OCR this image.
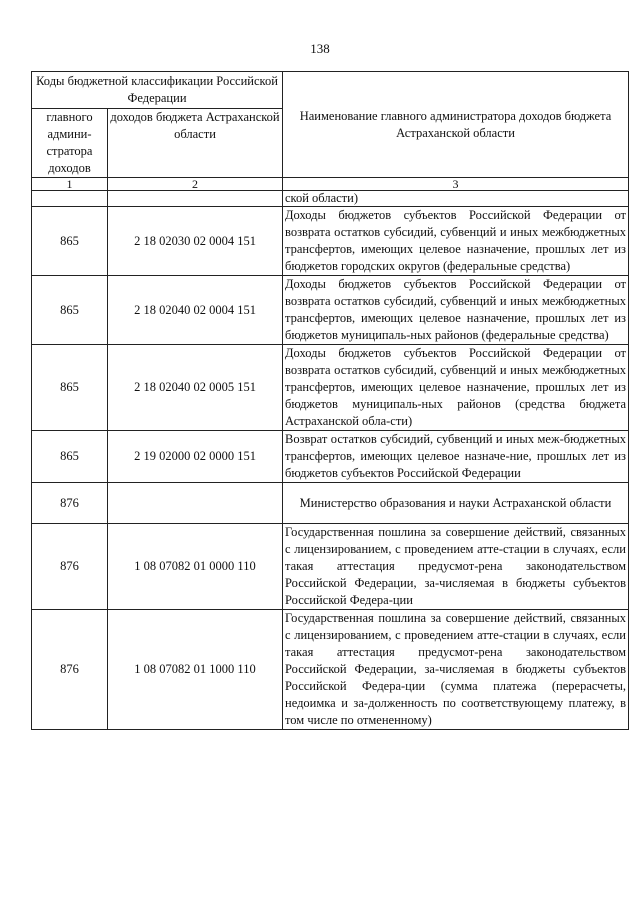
138
Коды бюджетной классификации Российской Федерации		Наименование главного администратора доходов бюджета Астраханской области
главного админи-стратора доходов	доходов бюджета Астраханской области	
1	2	3
		ской области)
865	2 18 02030 02 0004 151	Доходы бюджетов субъектов Российской Федерации от возврата остатков субсидий, субвенций и иных межбюджетных трансфертов, имеющих целевое назначение, прошлых лет из бюджетов городских округов (федеральные средства)
865	2 18 02040 02 0004 151	Доходы бюджетов субъектов Российской Федерации от возврата остатков субсидий, субвенций и иных межбюджетных трансфертов, имеющих целевое назначение, прошлых лет из бюджетов муниципаль-ных районов (федеральные средства)
865	2 18 02040 02 0005 151	Доходы бюджетов субъектов Российской Федерации от возврата остатков субсидий, субвенций и иных межбюджетных трансфертов, имеющих целевое назначение, прошлых лет из бюджетов муниципаль-ных районов (средства бюджета Астраханской обла-сти)
865	2 19 02000 02 0000 151	Возврат остатков субсидий, субвенций и иных меж-бюджетных трансфертов, имеющих целевое назначе-ние, прошлых лет из бюджетов субъектов Российской Федерации
876		Министерство образования и науки Астраханской области
876	1 08 07082 01 0000 110	Государственная пошлина за совершение действий, связанных с лицензированием, с проведением атте-стации в случаях, если такая аттестация предусмот-рена законодательством Российской Федерации, за-числяемая в бюджеты субъектов Российской Федера-ции
876	1 08 07082 01 1000 110	Государственная пошлина за совершение действий, связанных с лицензированием, с проведением атте-стации в случаях, если такая аттестация предусмот-рена законодательством Российской Федерации, за-числяемая в бюджеты субъектов Российской Федера-ции (сумма платежа (перерасчеты, недоимка и за-долженность по соответствующему платежу, в том числе по отмененному)
